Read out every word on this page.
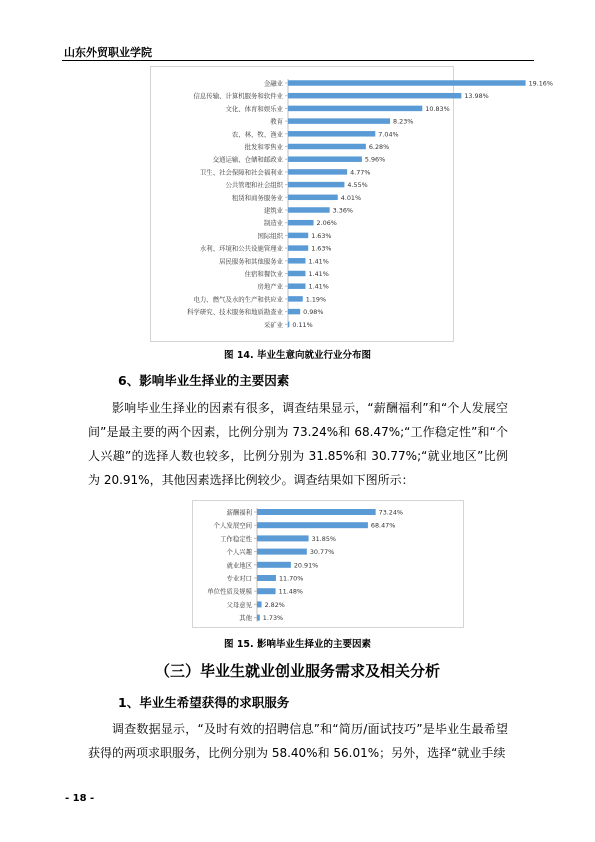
山东外贸职业学院
金融业	19.16%
信息传输、计算机服务和软件业	13.98%
文化、体育和娱乐业	10.83%
教育	8.23%
农、林、牧、渔业	7.04%
批发和零售业	6.28%
交通运输、仓储和邮政业	5.96%
卫生、社会保障和社会福利业	4.77%
公共管理和社会组织	4.55%
租赁和商务服务业	4.01%
建筑业	3.36%
制造业	2.06%
国际组织	1.63%
水利、环境和公共设施管理业	1.63%
居民服务和其他服务业	1.41%
住宿和餐饮业	1.41%
房地产业	1.41%
电力、燃气及水的生产和供应业	1.19%
科学研究、技术服务和地质勘查业	0.98%
采矿业 0.11%
图 14. 毕业生意向就业行业分布图
6、影响毕业生择业的主要因素

影响毕业生择业的因素有很多，调查结果显示，“薪酬福利”和“个人发展空间”是最主要的两个因素，比例分别为 73.24%和 68.47%;“工作稳定性”和“个人兴趣”的选择人数也较多，比例分别为 31.85%和 30.77%;“就业地区”比例为 20.91%，其他因素选择比例较少。调查结果如下图所示：

薪酬福利	73.24%
个人发展空间	68.47%
工作稳定性	31.85%
个人兴趣	30.77%
就业地区	20.91%
专业对口	11.70%
单位性质及规模	11.48%
父母意见 2.82%
其他 1.73%
图 15. 影响毕业生择业的主要因素
（三）毕业生就业创业服务需求及相关分析
1、毕业生希望获得的求职服务

调查数据显示，“及时有效的招聘信息”和“简历/面试技巧”是毕业生最希望获得的两项求职服务，比例分别为 58.40%和 56.01%；另外，选择“就业手续

- 18 -
